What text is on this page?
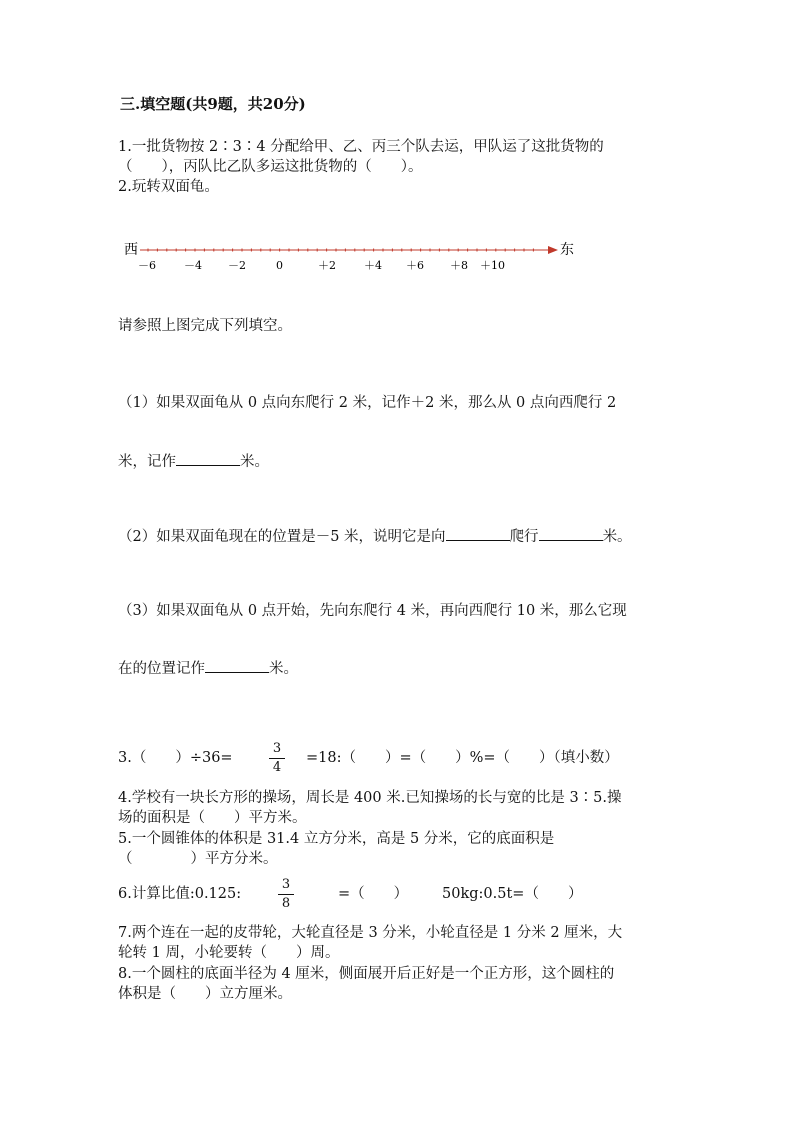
三.填空题(共9题，共20分)
1.一批货物按 2∶3∶4 分配给甲、乙、丙三个队去运，甲队运了这批货物的
（　　），丙队比乙队多运这批货物的（　　）。
2.玩转双面龟。
西	东
－6	－4 －2	0	＋2	＋4 ＋6 ＋8 ＋10
请参照上图完成下列填空。
（1）如果双面龟从 0 点向东爬行 2 米，记作＋2 米，那么从 0 点向西爬行 2
米，记作	米。
（2）如果双面龟现在的位置是－5 米，说明它是向	爬行	米。
（3）如果双面龟从 0 点开始，先向东爬行 4 米，再向西爬行 10 米，那么它现
在的位置记作	米。
3.（　　）÷36=
3
4
=18:（　　）=（　　）%=（　　）（填小数）
4.学校有一块长方形的操场，周长是 400 米.已知操场的长与宽的比是 3∶5.操
场的面积是（　　）平方米。
5.一个圆锥体的体积是 31.4 立方分米，高是 5 分米，它的底面积是
（　　　　）平方分米。
6.计算比值:0.125:
3
8
=（　　） 50kg:0.5t=（　　）
7.两个连在一起的皮带轮，大轮直径是 3 分米，小轮直径是 1 分米 2 厘米，大
轮转 1 周，小轮要转（　　）周。
8.一个圆柱的底面半径为 4 厘米，侧面展开后正好是一个正方形，这个圆柱的
体积是（　　）立方厘米。
